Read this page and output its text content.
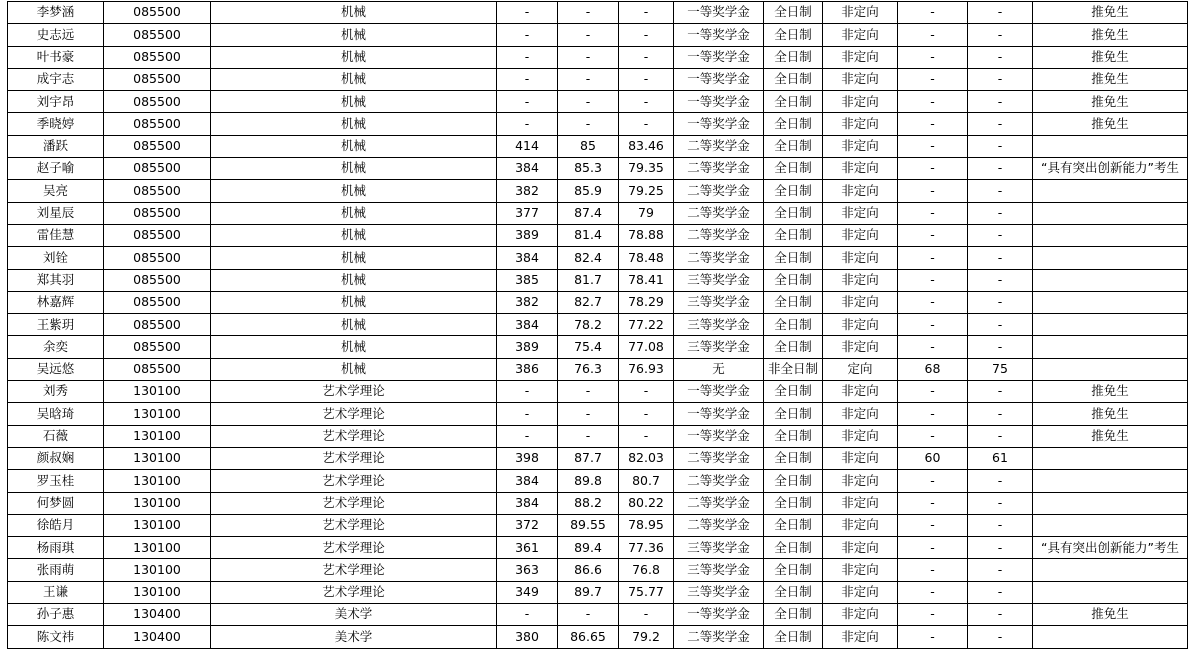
李梦涵	085500	机械	-	-	-	一等奖学金	全日制	非定向	-	-	推免生
史志远	085500	机械	-	-	-	一等奖学金	全日制	非定向	-	-	推免生
叶书豪	085500	机械	-	-	-	一等奖学金	全日制	非定向	-	-	推免生
成宇志	085500	机械	-	-	-	一等奖学金	全日制	非定向	-	-	推免生
刘宇昂	085500	机械	-	-	-	一等奖学金	全日制	非定向	-	-	推免生
季晓婷	085500	机械	-	-	-	一等奖学金	全日制	非定向	-	-	推免生
潘跃	085500	机械	414	85	83.46	二等奖学金	全日制	非定向	-	-	
赵子喻	085500	机械	384	85.3	79.35	二等奖学金	全日制	非定向	-	-	“具有突出创新能力”考生
吴亮	085500	机械	382	85.9	79.25	二等奖学金	全日制	非定向	-	-	
刘星辰	085500	机械	377	87.4	79	二等奖学金	全日制	非定向	-	-	
雷佳慧	085500	机械	389	81.4	78.88	二等奖学金	全日制	非定向	-	-	
刘铨	085500	机械	384	82.4	78.48	二等奖学金	全日制	非定向	-	-	
郑其羽	085500	机械	385	81.7	78.41	三等奖学金	全日制	非定向	-	-	
林嘉辉	085500	机械	382	82.7	78.29	三等奖学金	全日制	非定向	-	-	
王紫玥	085500	机械	384	78.2	77.22	三等奖学金	全日制	非定向	-	-	
余奕	085500	机械	389	75.4	77.08	三等奖学金	全日制	非定向	-	-	
吴远悠	085500	机械	386	76.3	76.93	无	非全日制	定向	68	75	
刘秀	130100	艺术学理论	-	-	-	一等奖学金	全日制	非定向	-	-	推免生
吴晗琦	130100	艺术学理论	-	-	-	一等奖学金	全日制	非定向	-	-	推免生
石薇	130100	艺术学理论	-	-	-	一等奖学金	全日制	非定向	-	-	推免生
颜叔娴	130100	艺术学理论	398	87.7	82.03	二等奖学金	全日制	非定向	60	61	
罗玉桂	130100	艺术学理论	384	89.8	80.7	二等奖学金	全日制	非定向	-	-	
何梦圆	130100	艺术学理论	384	88.2	80.22	二等奖学金	全日制	非定向	-	-	
徐皓月	130100	艺术学理论	372	89.55	78.95	二等奖学金	全日制	非定向	-	-	
杨雨琪	130100	艺术学理论	361	89.4	77.36	三等奖学金	全日制	非定向	-	-	“具有突出创新能力”考生
张雨萌	130100	艺术学理论	363	86.6	76.8	三等奖学金	全日制	非定向	-	-	
王谦	130100	艺术学理论	349	89.7	75.77	三等奖学金	全日制	非定向	-	-	
孙子惠	130400	美术学	-	-	-	一等奖学金	全日制	非定向	-	-	推免生
陈文祎	130400	美术学	380	86.65	79.2	二等奖学金	全日制	非定向	-	-	
